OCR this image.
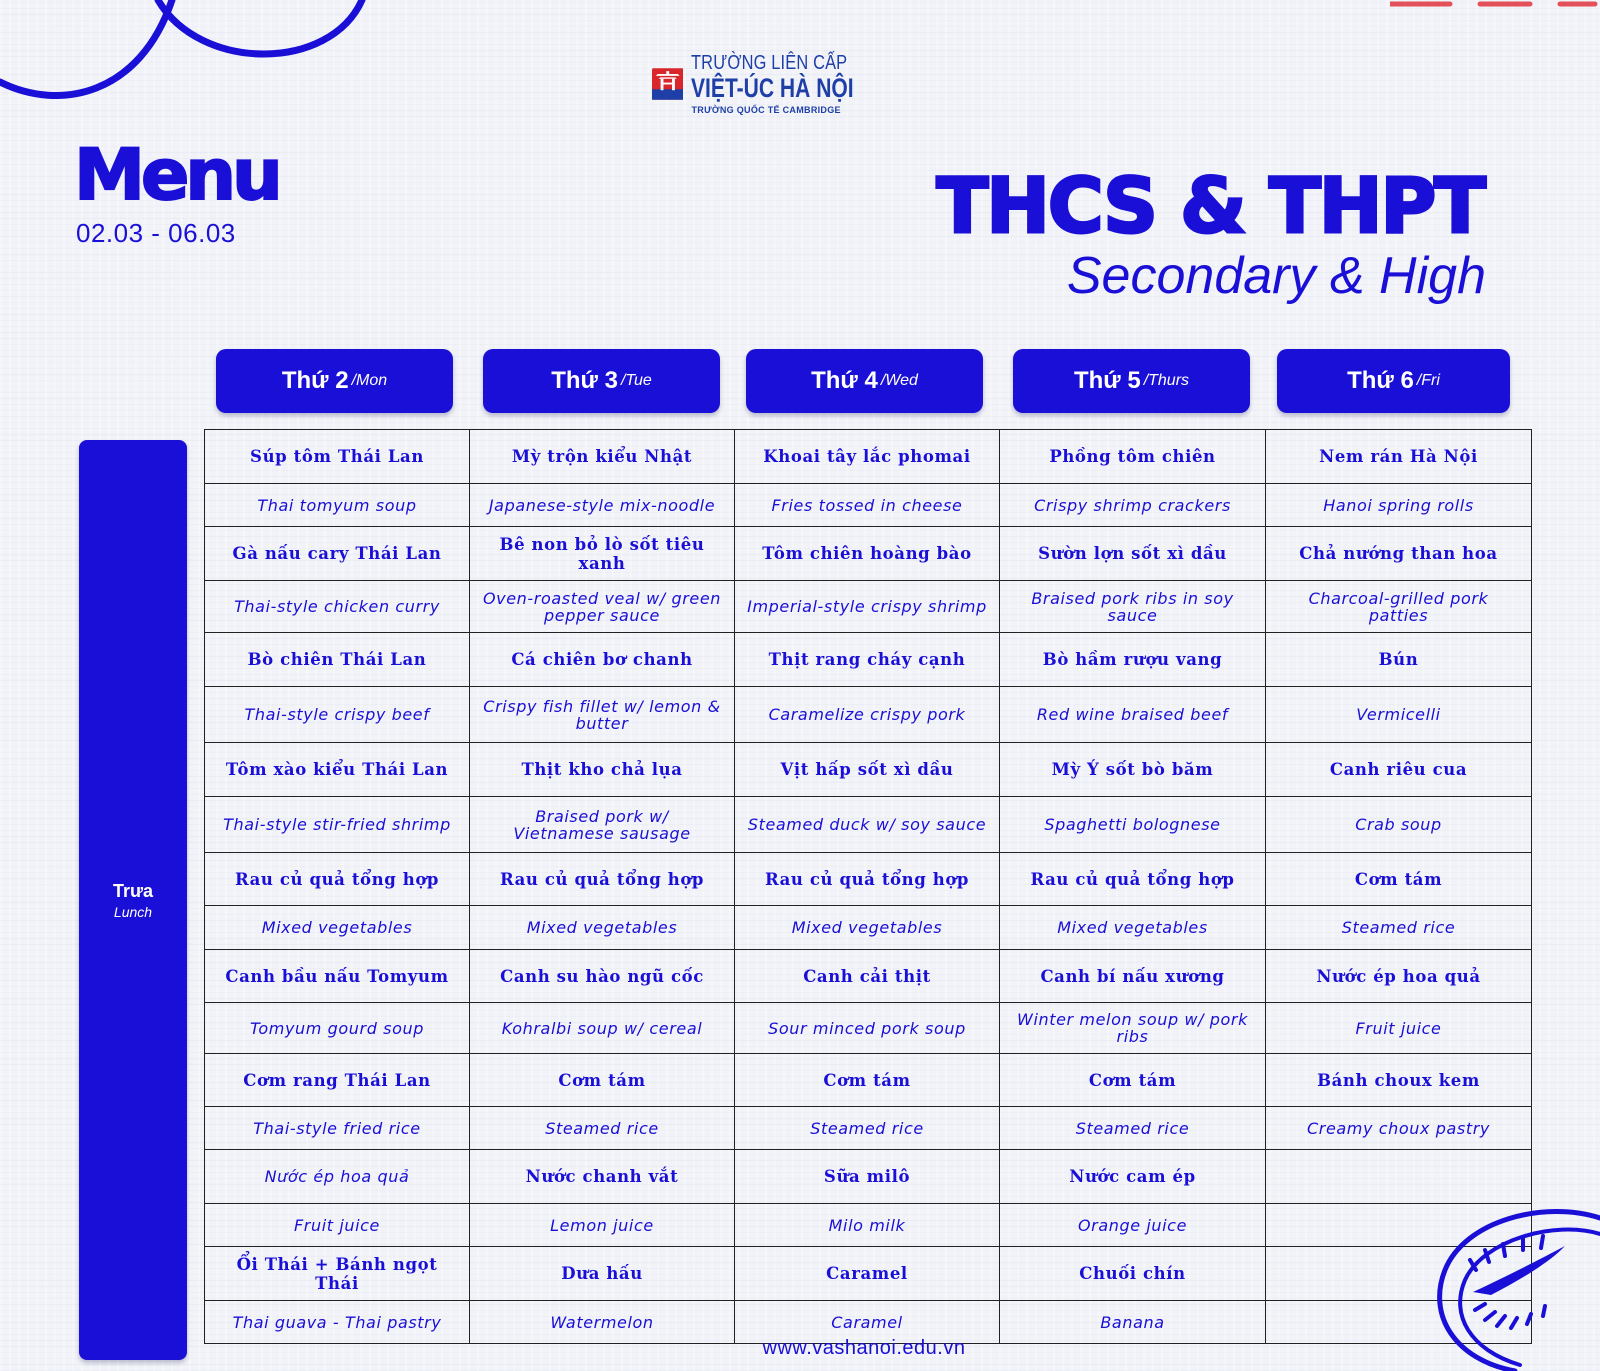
TRƯỜNG LIÊN CẤP
VIỆT-ÚC HÀ NỘI
TRƯỜNG QUỐC TẾ CAMBRIDGE
Menu
02.03 - 06.03	THCS & THPT
Secondary & High
Thứ 2 /Mon	Thứ 3 /Tue	Thứ 4 /Wed	Thứ 5 /Thurs	Thứ 6 /Fri
Trưa
Lunch
Súp tôm Thái Lan	Mỳ trộn kiểu Nhật	Khoai tây lắc phomai	Phồng tôm chiên	Nem rán Hà Nội
Thai tomyum soup	Japanese-style mix-noodle	Fries tossed in cheese	Crispy shrimp crackers	Hanoi spring rolls
Gà nấu cary Thái Lan	Bê non bỏ lò sốt tiêu xanh	Tôm chiên hoàng bào	Sườn lợn sốt xì dầu	Chả nướng than hoa
Thai-style chicken curry	Oven-roasted veal w/ green pepper sauce	Imperial-style crispy shrimp	Braised pork ribs in soy sauce	Charcoal-grilled pork patties
Bò chiên Thái Lan	Cá chiên bơ chanh	Thịt rang cháy cạnh	Bò hầm rượu vang	Bún
Thai-style crispy beef	Crispy fish fillet w/ lemon & butter	Caramelize crispy pork	Red wine braised beef	Vermicelli
Tôm xào kiểu Thái Lan	Thịt kho chả lụa	Vịt hấp sốt xì dầu	Mỳ Ý sốt bò băm	Canh riêu cua
Thai-style stir-fried shrimp	Braised pork w/ Vietnamese sausage	Steamed duck w/ soy sauce	Spaghetti bolognese	Crab soup
Rau củ quả tổng hợp	Rau củ quả tổng hợp	Rau củ quả tổng hợp	Rau củ quả tổng hợp	Cơm tám
Mixed vegetables	Mixed vegetables	Mixed vegetables	Mixed vegetables	Steamed rice
Canh bầu nấu Tomyum	Canh su hào ngũ cốc	Canh cải thịt	Canh bí nấu xương	Nước ép hoa quả
Tomyum gourd soup	Kohralbi soup w/ cereal	Sour minced pork soup	Winter melon soup w/ pork ribs	Fruit juice
Cơm rang Thái Lan	Cơm tám	Cơm tám	Cơm tám	Bánh choux kem
Thai-style fried rice	Steamed rice	Steamed rice	Steamed rice	Creamy choux pastry
Nước ép hoa quả	Nước chanh vắt	Sữa milô	Nước cam ép	
Fruit juice	Lemon juice	Milo milk	Orange juice	
Ổi Thái + Bánh ngọt Thái	Dưa hấu	Caramel	Chuối chín	
Thai guava - Thai pastry	Watermelon	Caramel	Banana	
www.vashanoi.edu.vn
